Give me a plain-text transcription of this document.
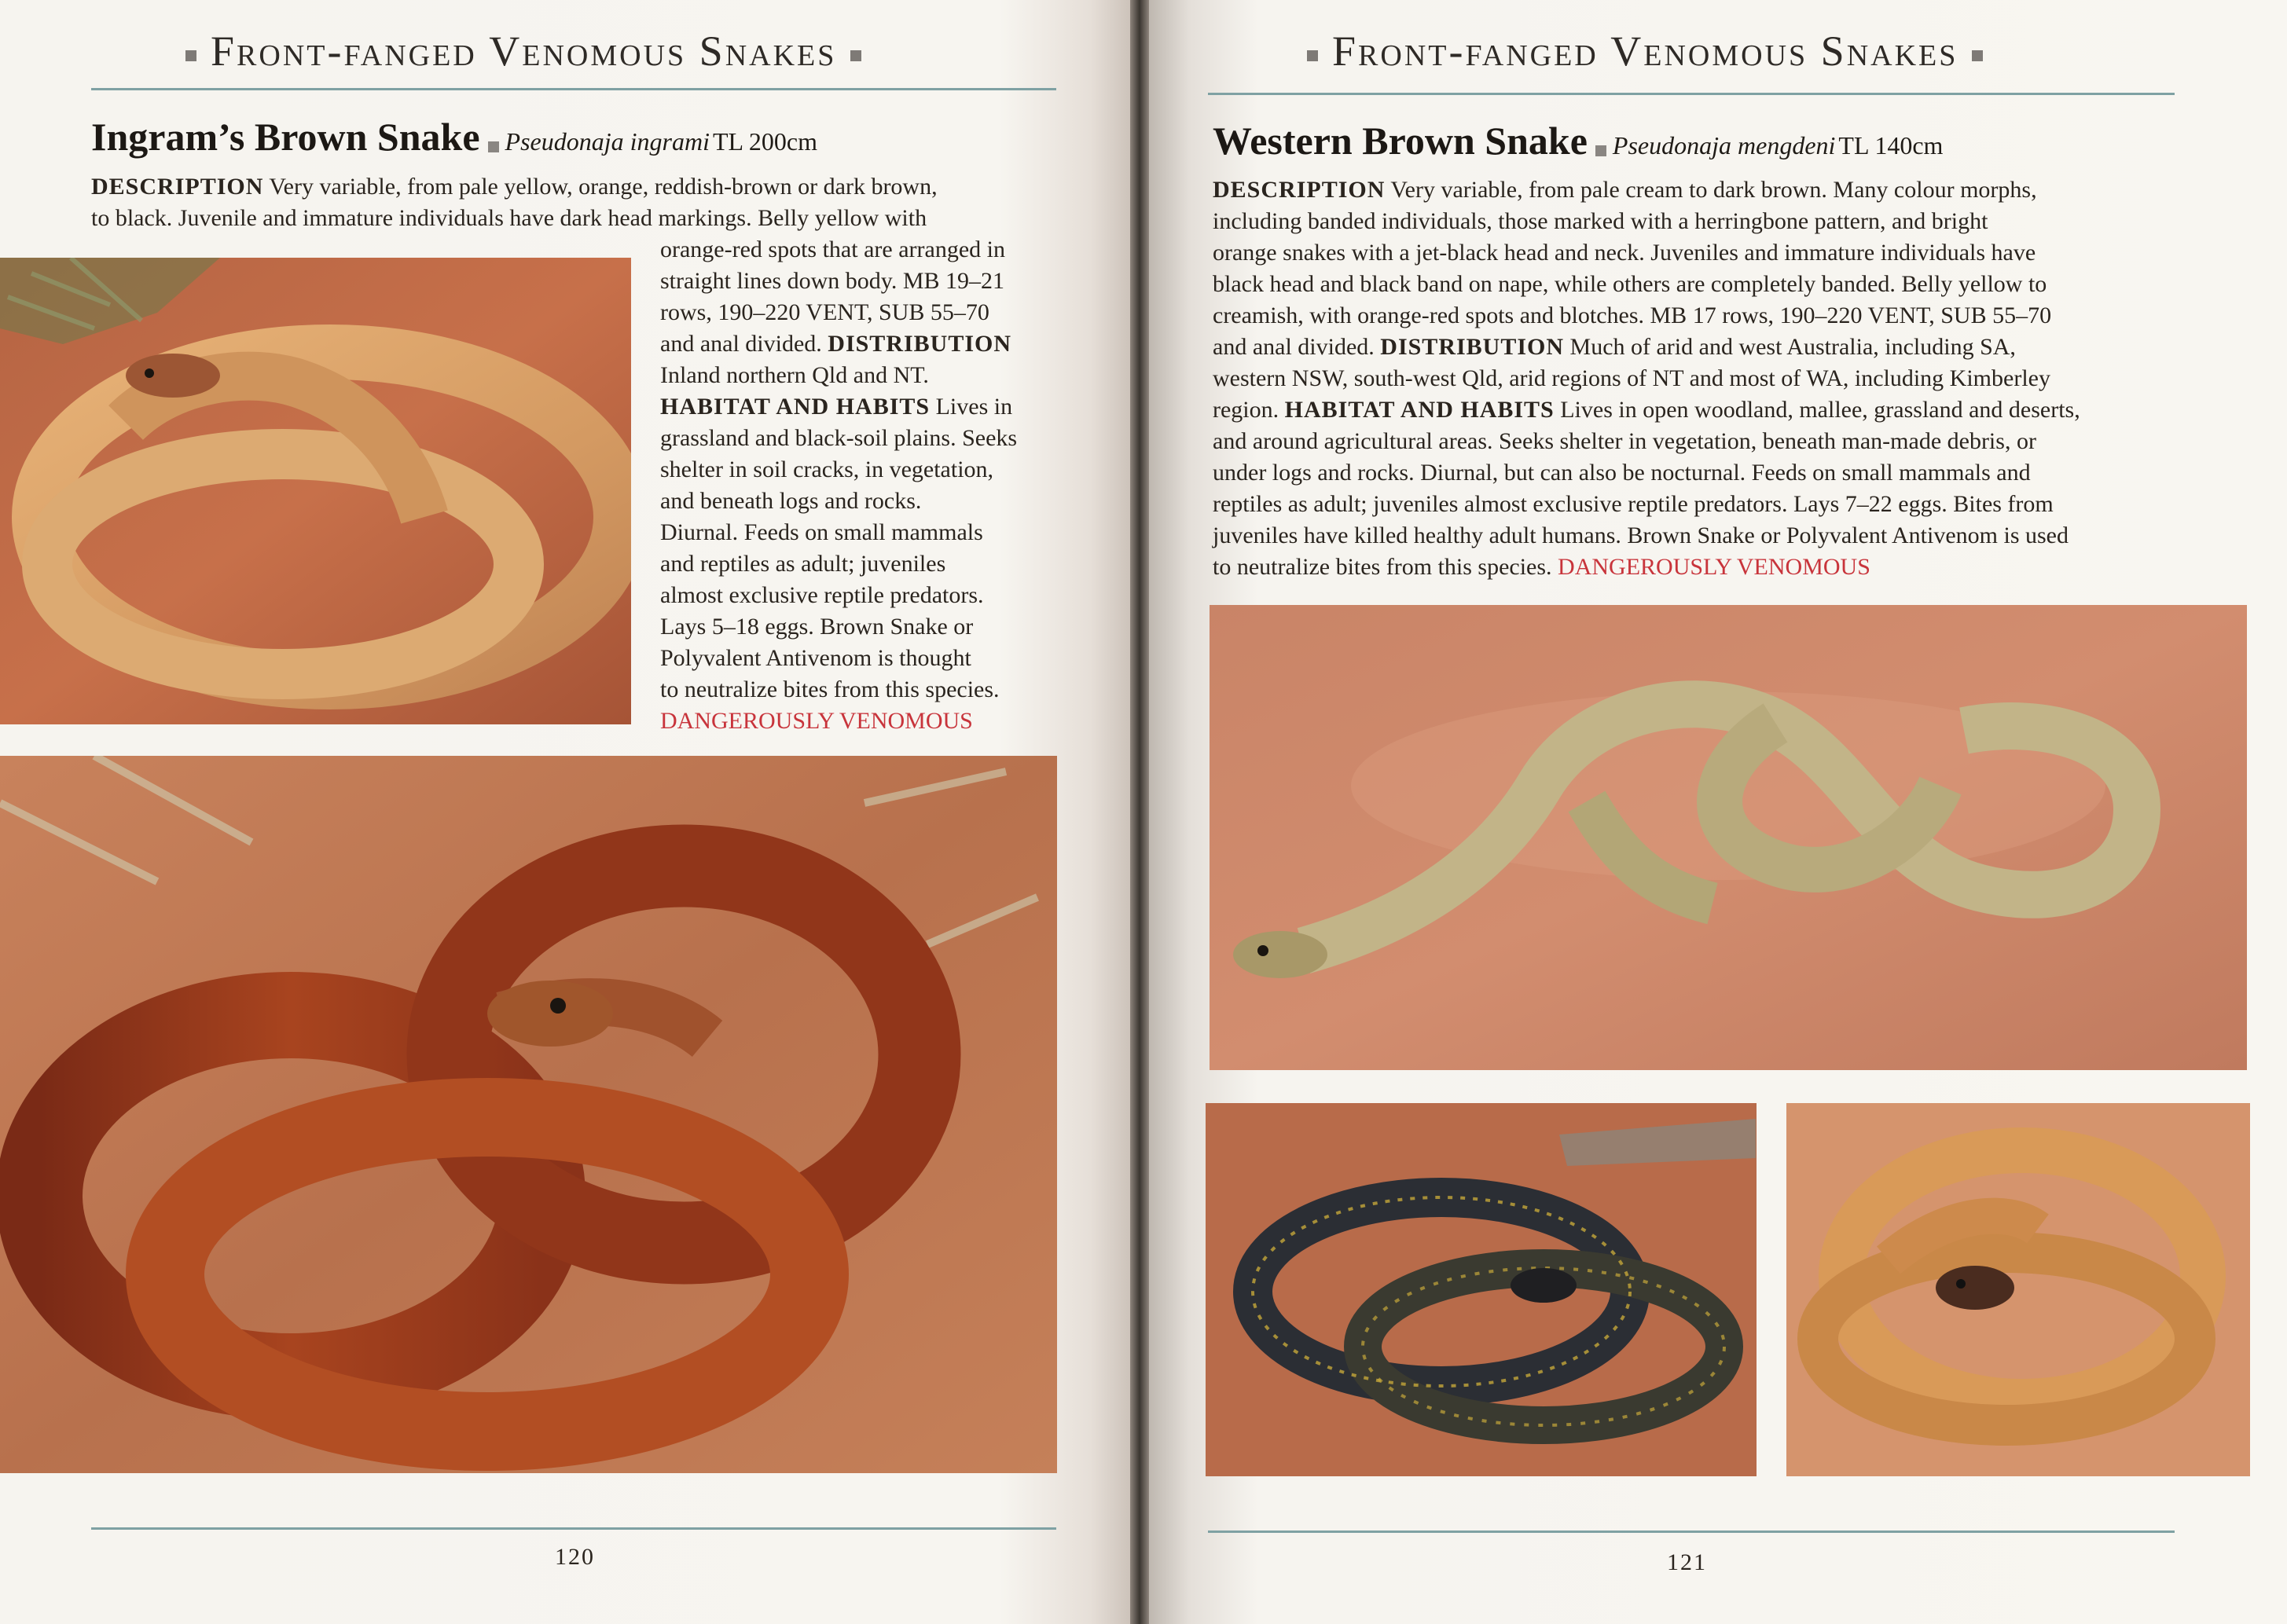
Front-fanged Venomous Snakes
Ingram’s Brown Snake Pseudonaja ingrami TL 200cm
DESCRIPTION Very variable, from pale yellow, orange, reddish-brown or dark brown,
to black. Juvenile and immature individuals have dark head markings. Belly yellow with
orange-red spots that are arranged in
straight lines down body. MB 19–21
rows, 190–220 VENT, SUB 55–70
and anal divided. DISTRIBUTION
Inland northern Qld and NT.
HABITAT AND HABITS Lives in
grassland and black-soil plains. Seeks
shelter in soil cracks, in vegetation,
and beneath logs and rocks.
Diurnal. Feeds on small mammals
and reptiles as adult; juveniles
almost exclusive reptile predators.
Lays 5–18 eggs. Brown Snake or
Polyvalent Antivenom is thought
to neutralize bites from this species.
DANGEROUSLY VENOMOUS
120
Front-fanged Venomous Snakes
Western Brown Snake Pseudonaja mengdeni TL 140cm
DESCRIPTION Very variable, from pale cream to dark brown. Many colour morphs,
including banded individuals, those marked with a herringbone pattern, and bright
orange snakes with a jet-black head and neck. Juveniles and immature individuals have
black head and black band on nape, while others are completely banded. Belly yellow to
creamish, with orange-red spots and blotches. MB 17 rows, 190–220 VENT, SUB 55–70
and anal divided. DISTRIBUTION Much of arid and west Australia, including SA,
western NSW, south-west Qld, arid regions of NT and most of WA, including Kimberley
region. HABITAT AND HABITS Lives in open woodland, mallee, grassland and deserts,
and around agricultural areas. Seeks shelter in vegetation, beneath man-made debris, or
under logs and rocks. Diurnal, but can also be nocturnal. Feeds on small mammals and
reptiles as adult; juveniles almost exclusive reptile predators. Lays 7–22 eggs. Bites from
juveniles have killed healthy adult humans. Brown Snake or Polyvalent Antivenom is used
to neutralize bites from this species. DANGEROUSLY VENOMOUS
121
